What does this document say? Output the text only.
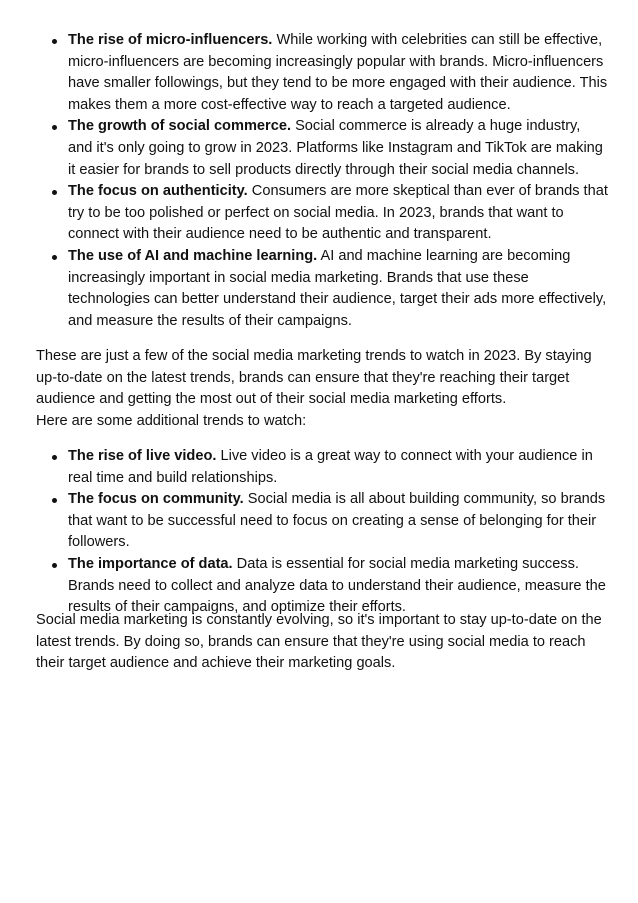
The rise of micro-influencers. While working with celebrities can still be effective, micro-influencers are becoming increasingly popular with brands. Micro-influencers have smaller followings, but they tend to be more engaged with their audience. This makes them a more cost-effective way to reach a targeted audience.
The growth of social commerce. Social commerce is already a huge industry, and it's only going to grow in 2023. Platforms like Instagram and TikTok are making it easier for brands to sell products directly through their social media channels.
The focus on authenticity. Consumers are more skeptical than ever of brands that try to be too polished or perfect on social media. In 2023, brands that want to connect with their audience need to be authentic and transparent.
The use of AI and machine learning. AI and machine learning are becoming increasingly important in social media marketing. Brands that use these technologies can better understand their audience, target their ads more effectively, and measure the results of their campaigns.

These are just a few of the social media marketing trends to watch in 2023. By staying up-to-date on the latest trends, brands can ensure that they're reaching their target audience and getting the most out of their social media marketing efforts.
Here are some additional trends to watch:

The rise of live video. Live video is a great way to connect with your audience in real time and build relationships.
The focus on community. Social media is all about building community, so brands that want to be successful need to focus on creating a sense of belonging for their followers.
The importance of data. Data is essential for social media marketing success. Brands need to collect and analyze data to understand their audience, measure the results of their campaigns, and optimize their efforts.

Social media marketing is constantly evolving, so it's important to stay up-to-date on the latest trends. By doing so, brands can ensure that they're using social media to reach their target audience and achieve their marketing goals.
